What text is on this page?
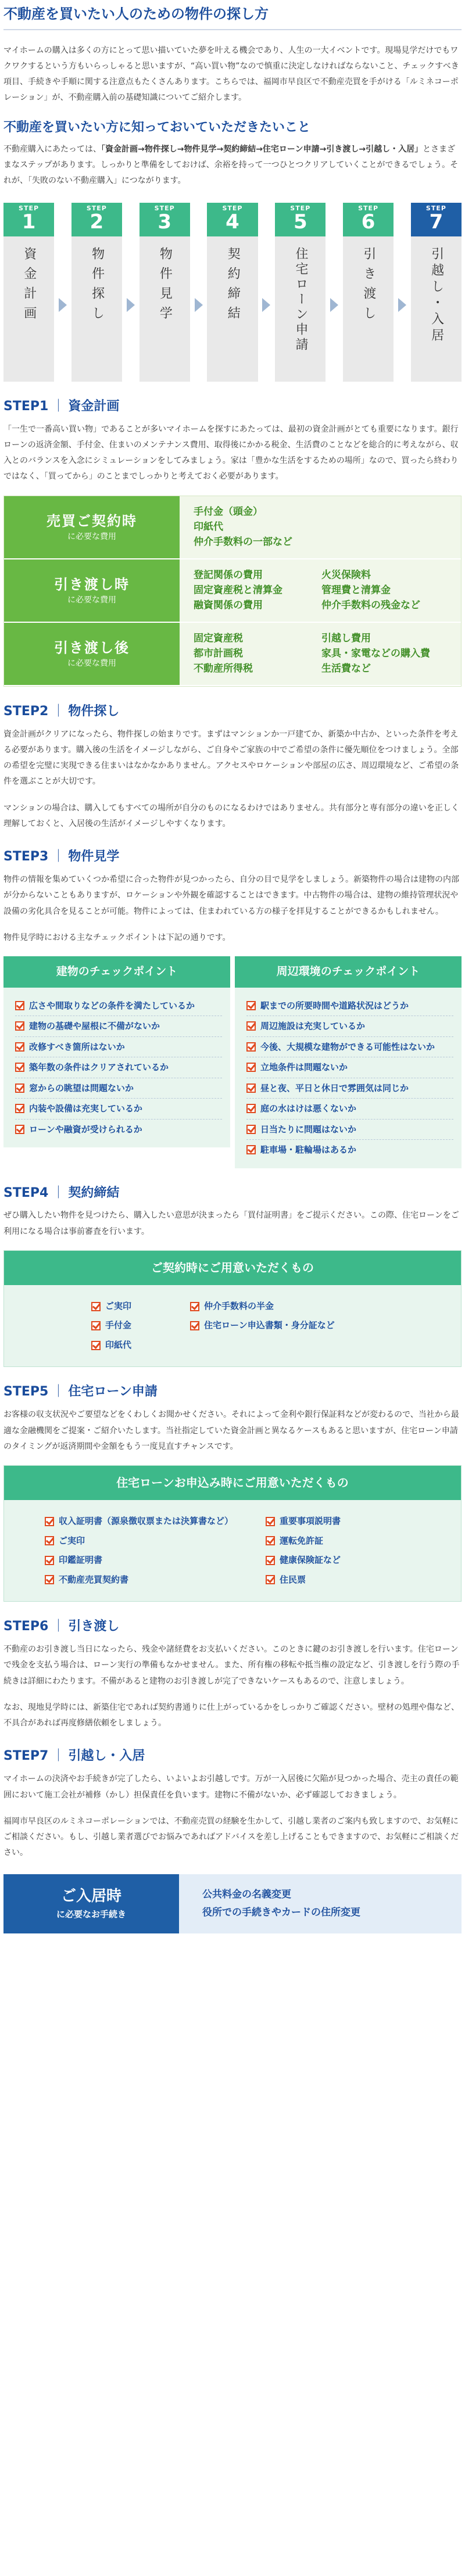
不動産を買いたい人のための物件の探し方

マイホームの購入は多くの方にとって思い描いていた夢を叶える機会であり、人生の一大イベントです。現場見学だけでもワクワクするという方もいらっしゃると思いますが、“高い買い物”なので慎重に決定しなければならないこと、チェックすべき項目、手続きや手順に関する注意点もたくさんあります。こちらでは、福岡市早良区で不動産売買を手がける「ルミネコーポレーション」が、不動産購入前の基礎知識についてご紹介します。

不動産を買いたい方に知っておいていただきたいこと

不動産購入にあたっては、「資金計画→物件探し→物件見学→契約締結→住宅ローン申請→引き渡し→引越し・入居」とさまざまなステップがあります。しっかりと準備をしておけば、余裕を持って一つひとつクリアしていくことができるでしょう。それが、「失敗のない不動産購入」につながります。

STEP
1
資金計画
STEP
2
物件探し
STEP
3
物件見学
STEP
4
契約締結
STEP
5
住宅ローン申請
STEP
6
引き渡し
STEP
7
引越し・入居
STEP1 ｜ 資金計画

「一生で一番高い買い物」であることが多いマイホームを探すにあたっては、最初の資金計画がとても重要になります。銀行ローンの返済金額、手付金、住まいのメンテナンス費用、取得後にかかる税金、生活費のことなどを総合的に考えながら、収入とのバランスを入念にシミュレーションをしてみましょう。家は「豊かな生活をするための場所」なので、買ったら終わりではなく、「買ってから」のことまでしっかりと考えておく必要があります。

売買ご契約時
に必要な費用
手付金（頭金）
印紙代
仲介手数料の一部など
引き渡し時
に必要な費用
登記関係の費用
固定資産税と清算金
融資関係の費用
火災保険料
管理費と清算金
仲介手数料の残金など
引き渡し後
に必要な費用
固定資産税
都市計画税
不動産所得税
引越し費用
家具・家電などの購入費
生活費など
STEP2 ｜ 物件探し

資金計画がクリアになったら、物件探しの始まりです。まずはマンションか一戸建てか、新築か中古か、といった条件を考える必要があります。購入後の生活をイメージしながら、ご自身やご家族の中でご希望の条件に優先順位をつけましょう。全部の希望を完璧に実現できる住まいはなかなかありません。アクセスやロケーションや部屋の広さ、周辺環境など、ご希望の条件を選ぶことが大切です。

マンションの場合は、購入してもすべての場所が自分のものになるわけではありません。共有部分と専有部分の違いを正しく理解しておくと、入居後の生活がイメージしやすくなります。

STEP3 ｜ 物件見学

物件の情報を集めていくつか希望に合った物件が見つかったら、自分の目で見学をしましょう。新築物件の場合は建物の内部が分からないこともありますが、ロケーションや外観を確認することはできます。中古物件の場合は、建物の維持管理状況や設備の劣化具合を見ることが可能。物件によっては、住まわれている方の様子を拝見することができるかもしれません。

物件見学時における主なチェックポイントは下記の通りです。

建物のチェックポイント
広さや間取りなどの条件を満たしているか
建物の基礎や屋根に不備がないか
改修すべき箇所はないか
築年数の条件はクリアされているか
窓からの眺望は問題ないか
内装や設備は充実しているか
ローンや融資が受けられるか
周辺環境のチェックポイント
駅までの所要時間や道路状況はどうか
周辺施設は充実しているか
今後、大規模な建物ができる可能性はないか
立地条件は問題ないか
昼と夜、平日と休日で雰囲気は同じか
庭の水はけは悪くないか
日当たりに問題はないか
駐車場・駐輪場はあるか
STEP4 ｜ 契約締結

ぜひ購入したい物件を見つけたら、購入したい意思が決まったら「買付証明書」をご提示ください。この際、住宅ローンをご利用になる場合は事前審査を行います。

ご契約時にご用意いただくもの
ご実印
手付金
印紙代
仲介手数料の半金
住宅ローン申込書類・身分証など
STEP5 ｜ 住宅ローン申請

お客様の収支状況やご要望などをくわしくお聞かせください。それによって金利や銀行保証料などが変わるので、当社から最適な金融機関をご提案・ご紹介いたします。当社指定していた資金計画と異なるケースもあると思いますが、住宅ローン申請のタイミングが返済期間や金額をもう一度見直すチャンスです。

住宅ローンお申込み時にご用意いただくもの
収入証明書（源泉徴収票または決算書など）
ご実印
印鑑証明書
不動産売買契約書
重要事項説明書
運転免許証
健康保険証など
住民票
STEP6 ｜ 引き渡し

不動産のお引き渡し当日になったら、残金や諸経費をお支払いください。このときに鍵のお引き渡しを行います。住宅ローンで残金を支払う場合は、ローン実行の準備もなかせません。また、所有権の移転や抵当権の設定など、引き渡しを行う際の手続きは詳細にわたります。不備があると建物のお引き渡しが完了できないケースもあるので、注意しましょう。

なお、現地見学時には、新築住宅であれば契約書通りに仕上がっているかをしっかりご確認ください。壁材の処理や傷など、不具合があれば再度修繕依頼をしましょう。

STEP7 ｜ 引越し・入居

マイホームの決済やお手続きが完了したら、いよいよお引越しです。万が一入居後に欠陥が見つかった場合、売主の責任の範囲において施工会社が補修（かし）担保責任を負います。建物に不備がないか、必ず確認しておきましょう。

福岡市早良区のルミネコーポレーションでは、不動産売買の経験を生かして、引越し業者のご案内も致しますので、お気軽にご相談ください。もし、引越し業者選びでお悩みであればアドバイスを差し上げることもできますので、お気軽にご相談ください。

ご入居時
に必要なお手続き
公共料金の名義変更
役所での手続きやカードの住所変更
